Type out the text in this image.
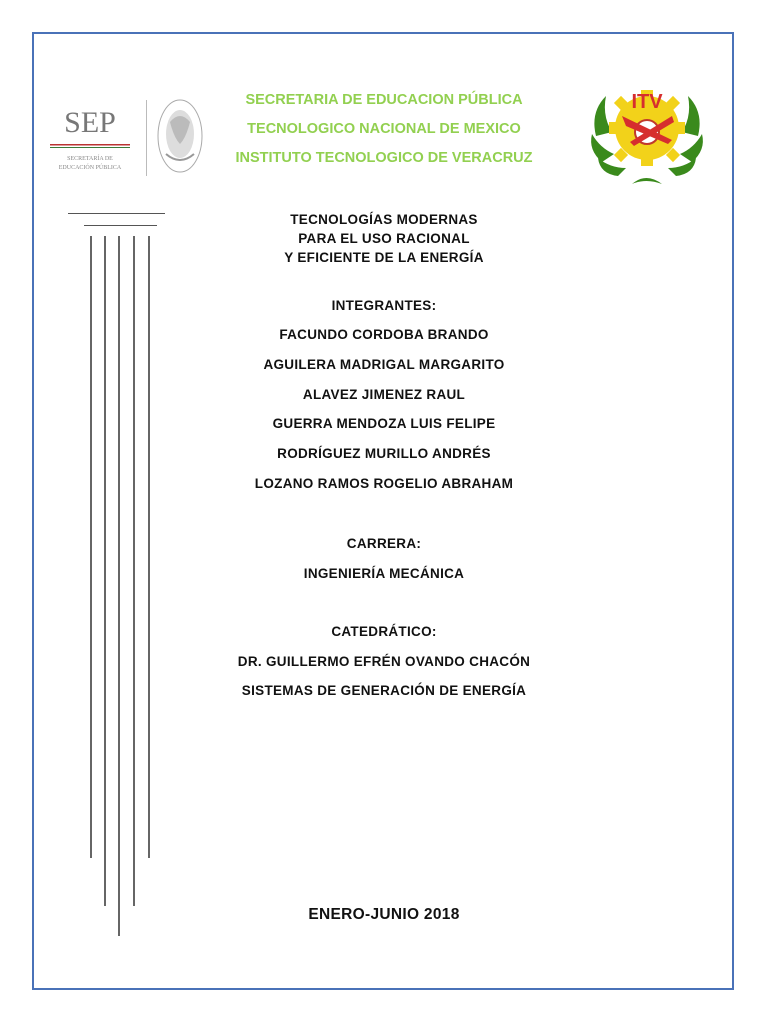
SEP
SECRETARÍA DE
EDUCACIÓN PÚBLICA
SECRETARIA DE EDUCACION PÚBLICA
TECNOLOGICO NACIONAL DE MEXICO
INSTITUTO TECNOLOGICO DE VERACRUZ
ITV
TECNOLOGÍAS MODERNAS
PARA EL USO RACIONAL
Y EFICIENTE DE LA ENERGÍA
INTEGRANTES:
FACUNDO CORDOBA BRANDO
AGUILERA MADRIGAL MARGARITO
ALAVEZ JIMENEZ RAUL
GUERRA MENDOZA LUIS FELIPE
RODRÍGUEZ MURILLO ANDRÉS
LOZANO RAMOS ROGELIO ABRAHAM
CARRERA:
INGENIERÍA MECÁNICA
CATEDRÁTICO:
DR. GUILLERMO EFRÉN OVANDO CHACÓN
SISTEMAS DE GENERACIÓN DE ENERGÍA
ENERO-JUNIO 2018
